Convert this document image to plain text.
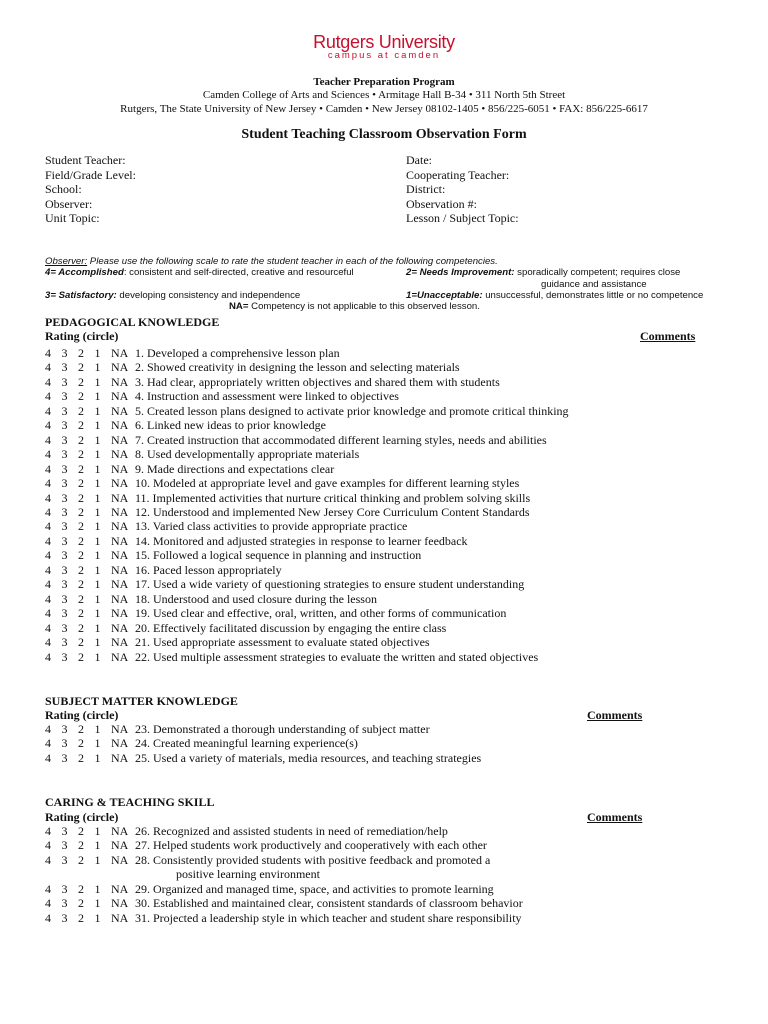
Rutgers University
campus at camden
Teacher Preparation Program
Camden College of Arts and Sciences • Armitage Hall B-34 • 311 North 5th Street
Rutgers, The State University of New Jersey • Camden • New Jersey 08102-1405 • 856/225-6051 • FAX: 856/225-6617
Student Teaching Classroom Observation Form
Student Teacher:
Field/Grade Level:
School:
Observer:
Unit Topic:
Date:
Cooperating Teacher:
District:
Observation #:
Lesson / Subject Topic:
Observer: Please use the following scale to rate the student teacher in each of the following competencies.
4= Accomplished: consistent and self-directed, creative and resourceful	2= Needs Improvement: sporadically competent; requires close
guidance and assistance
3= Satisfactory: developing consistency and independence	1=Unacceptable: unsuccessful, demonstrates little or no competence
NA= Competency is not applicable to this observed lesson.
PEDAGOGICAL KNOWLEDGE
Rating (circle)	Comments
4 3 2 1 NA 1. Developed a comprehensive lesson plan
4 3 2 1 NA 2. Showed creativity in designing the lesson and selecting materials
4 3 2 1 NA 3. Had clear, appropriately written objectives and shared them with students
4 3 2 1 NA 4. Instruction and assessment were linked to objectives
4 3 2 1 NA 5. Created lesson plans designed to activate prior knowledge and promote critical thinking
4 3 2 1 NA 6. Linked new ideas to prior knowledge
4 3 2 1 NA 7. Created instruction that accommodated different learning styles, needs and abilities
4 3 2 1 NA 8. Used developmentally appropriate materials
4 3 2 1 NA 9. Made directions and expectations clear
4 3 2 1 NA 10. Modeled at appropriate level and gave examples for different learning styles
4 3 2 1 NA 11. Implemented activities that nurture critical thinking and problem solving skills
4 3 2 1 NA 12. Understood and implemented New Jersey Core Curriculum Content Standards
4 3 2 1 NA 13. Varied class activities to provide appropriate practice
4 3 2 1 NA 14. Monitored and adjusted strategies in response to learner feedback
4 3 2 1 NA 15. Followed a logical sequence in planning and instruction
4 3 2 1 NA 16. Paced lesson appropriately
4 3 2 1 NA 17. Used a wide variety of questioning strategies to ensure student understanding
4 3 2 1 NA 18. Understood and used closure during the lesson
4 3 2 1 NA 19. Used clear and effective, oral, written, and other forms of communication
4 3 2 1 NA 20. Effectively facilitated discussion by engaging the entire class
4 3 2 1 NA 21. Used appropriate assessment to evaluate stated objectives
4 3 2 1 NA 22. Used multiple assessment strategies to evaluate the written and stated objectives
SUBJECT MATTER KNOWLEDGE
Rating (circle)	Comments
4 3 2 1 NA 23. Demonstrated a thorough understanding of subject matter
4 3 2 1 NA 24. Created meaningful learning experience(s)
4 3 2 1 NA 25. Used a variety of materials, media resources, and teaching strategies
CARING & TEACHING SKILL
Rating (circle)	Comments
4 3 2 1 NA 26. Recognized and assisted students in need of remediation/help
4 3 2 1 NA 27. Helped students work productively and cooperatively with each other
4 3 2 1 NA 28. Consistently provided students with positive feedback and promoted a
positive learning environment
4 3 2 1 NA 29. Organized and managed time, space, and activities to promote learning
4 3 2 1 NA 30. Established and maintained clear, consistent standards of classroom behavior
4 3 2 1 NA 31. Projected a leadership style in which teacher and student share responsibility
